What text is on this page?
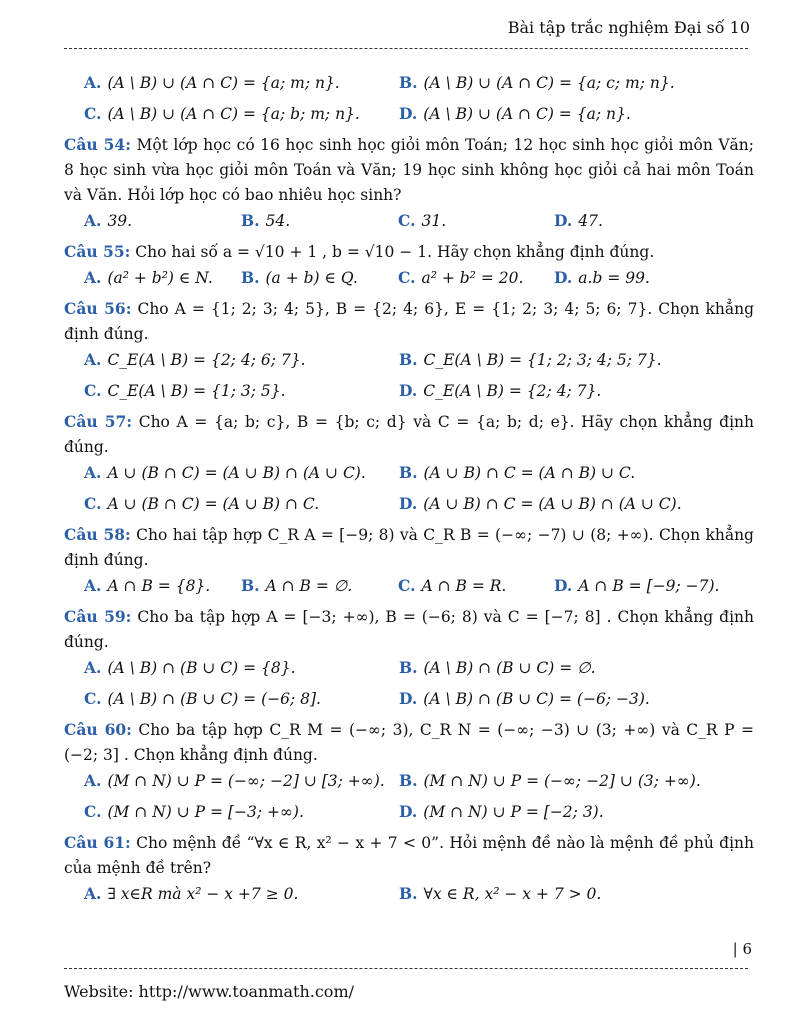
Bài tập trắc nghiệm Đại số 10
A. (A \ B) ∪ (A ∩ C) = {a; m; n}.	B. (A \ B) ∪ (A ∩ C) = {a; c; m; n}.
C. (A \ B) ∪ (A ∩ C) = {a; b; m; n}.	D. (A \ B) ∪ (A ∩ C) = {a; n}.

Câu 54: Một lớp học có 16 học sinh học giỏi môn Toán; 12 học sinh học giỏi môn Văn; 8 học sinh vừa học giỏi môn Toán và Văn; 19 học sinh không học giỏi cả hai môn Toán và Văn. Hỏi lớp học có bao nhiêu học sinh?

A. 39.	B. 54.	C. 31.	D. 47.

Câu 55: Cho hai số a = √10 + 1 , b = √10 − 1. Hãy chọn khẳng định đúng.

A. (a² + b²) ∈ N. B. (a + b) ∈ Q.	C. a² + b² = 20. D. a.b = 99.

Câu 56: Cho A = {1; 2; 3; 4; 5}, B = {2; 4; 6}, E = {1; 2; 3; 4; 5; 6; 7}. Chọn khẳng định đúng.

A. C_E(A \ B) = {2; 4; 6; 7}.	B. C_E(A \ B) = {1; 2; 3; 4; 5; 7}.
C. C_E(A \ B) = {1; 3; 5}.	D. C_E(A \ B) = {2; 4; 7}.

Câu 57: Cho A = {a; b; c}, B = {b; c; d} và C = {a; b; d; e}. Hãy chọn khẳng định đúng.

A. A ∪ (B ∩ C) = (A ∪ B) ∩ (A ∪ C). B. (A ∪ B) ∩ C = (A ∩ B) ∪ C.
C. A ∪ (B ∩ C) = (A ∪ B) ∩ C.	D. (A ∪ B) ∩ C = (A ∪ B) ∩ (A ∪ C).

Câu 58: Cho hai tập hợp C_R A = [−9; 8) và C_R B = (−∞; −7) ∪ (8; +∞). Chọn khẳng định đúng.

A. A ∩ B = {8}. B. A ∩ B = ∅.	C. A ∩ B = R.	D. A ∩ B = [−9; −7).

Câu 59: Cho ba tập hợp A = [−3; +∞), B = (−6; 8) và C = [−7; 8] . Chọn khẳng định đúng.

A. (A \ B) ∩ (B ∪ C) = {8}.	B. (A \ B) ∩ (B ∪ C) = ∅.
C. (A \ B) ∩ (B ∪ C) = (−6; 8].	D. (A \ B) ∩ (B ∪ C) = (−6; −3).

Câu 60: Cho ba tập hợp C_R M = (−∞; 3), C_R N = (−∞; −3) ∪ (3; +∞) và C_R P = (−2; 3] . Chọn khẳng định đúng.

A. (M ∩ N) ∪ P = (−∞; −2] ∪ [3; +∞). B. (M ∩ N) ∪ P = (−∞; −2] ∪ (3; +∞).
C. (M ∩ N) ∪ P = [−3; +∞).	D. (M ∩ N) ∪ P = [−2; 3).

Câu 61: Cho mệnh đề “∀x ∈ R, x² − x + 7 < 0”. Hỏi mệnh đề nào là mệnh đề phủ định của mệnh đề trên?

A. ∃ x∈R mà x² − x +7 ≥ 0.	B. ∀x ∈ R, x² − x + 7 > 0.
| 6
Website: http://www.toanmath.com/
